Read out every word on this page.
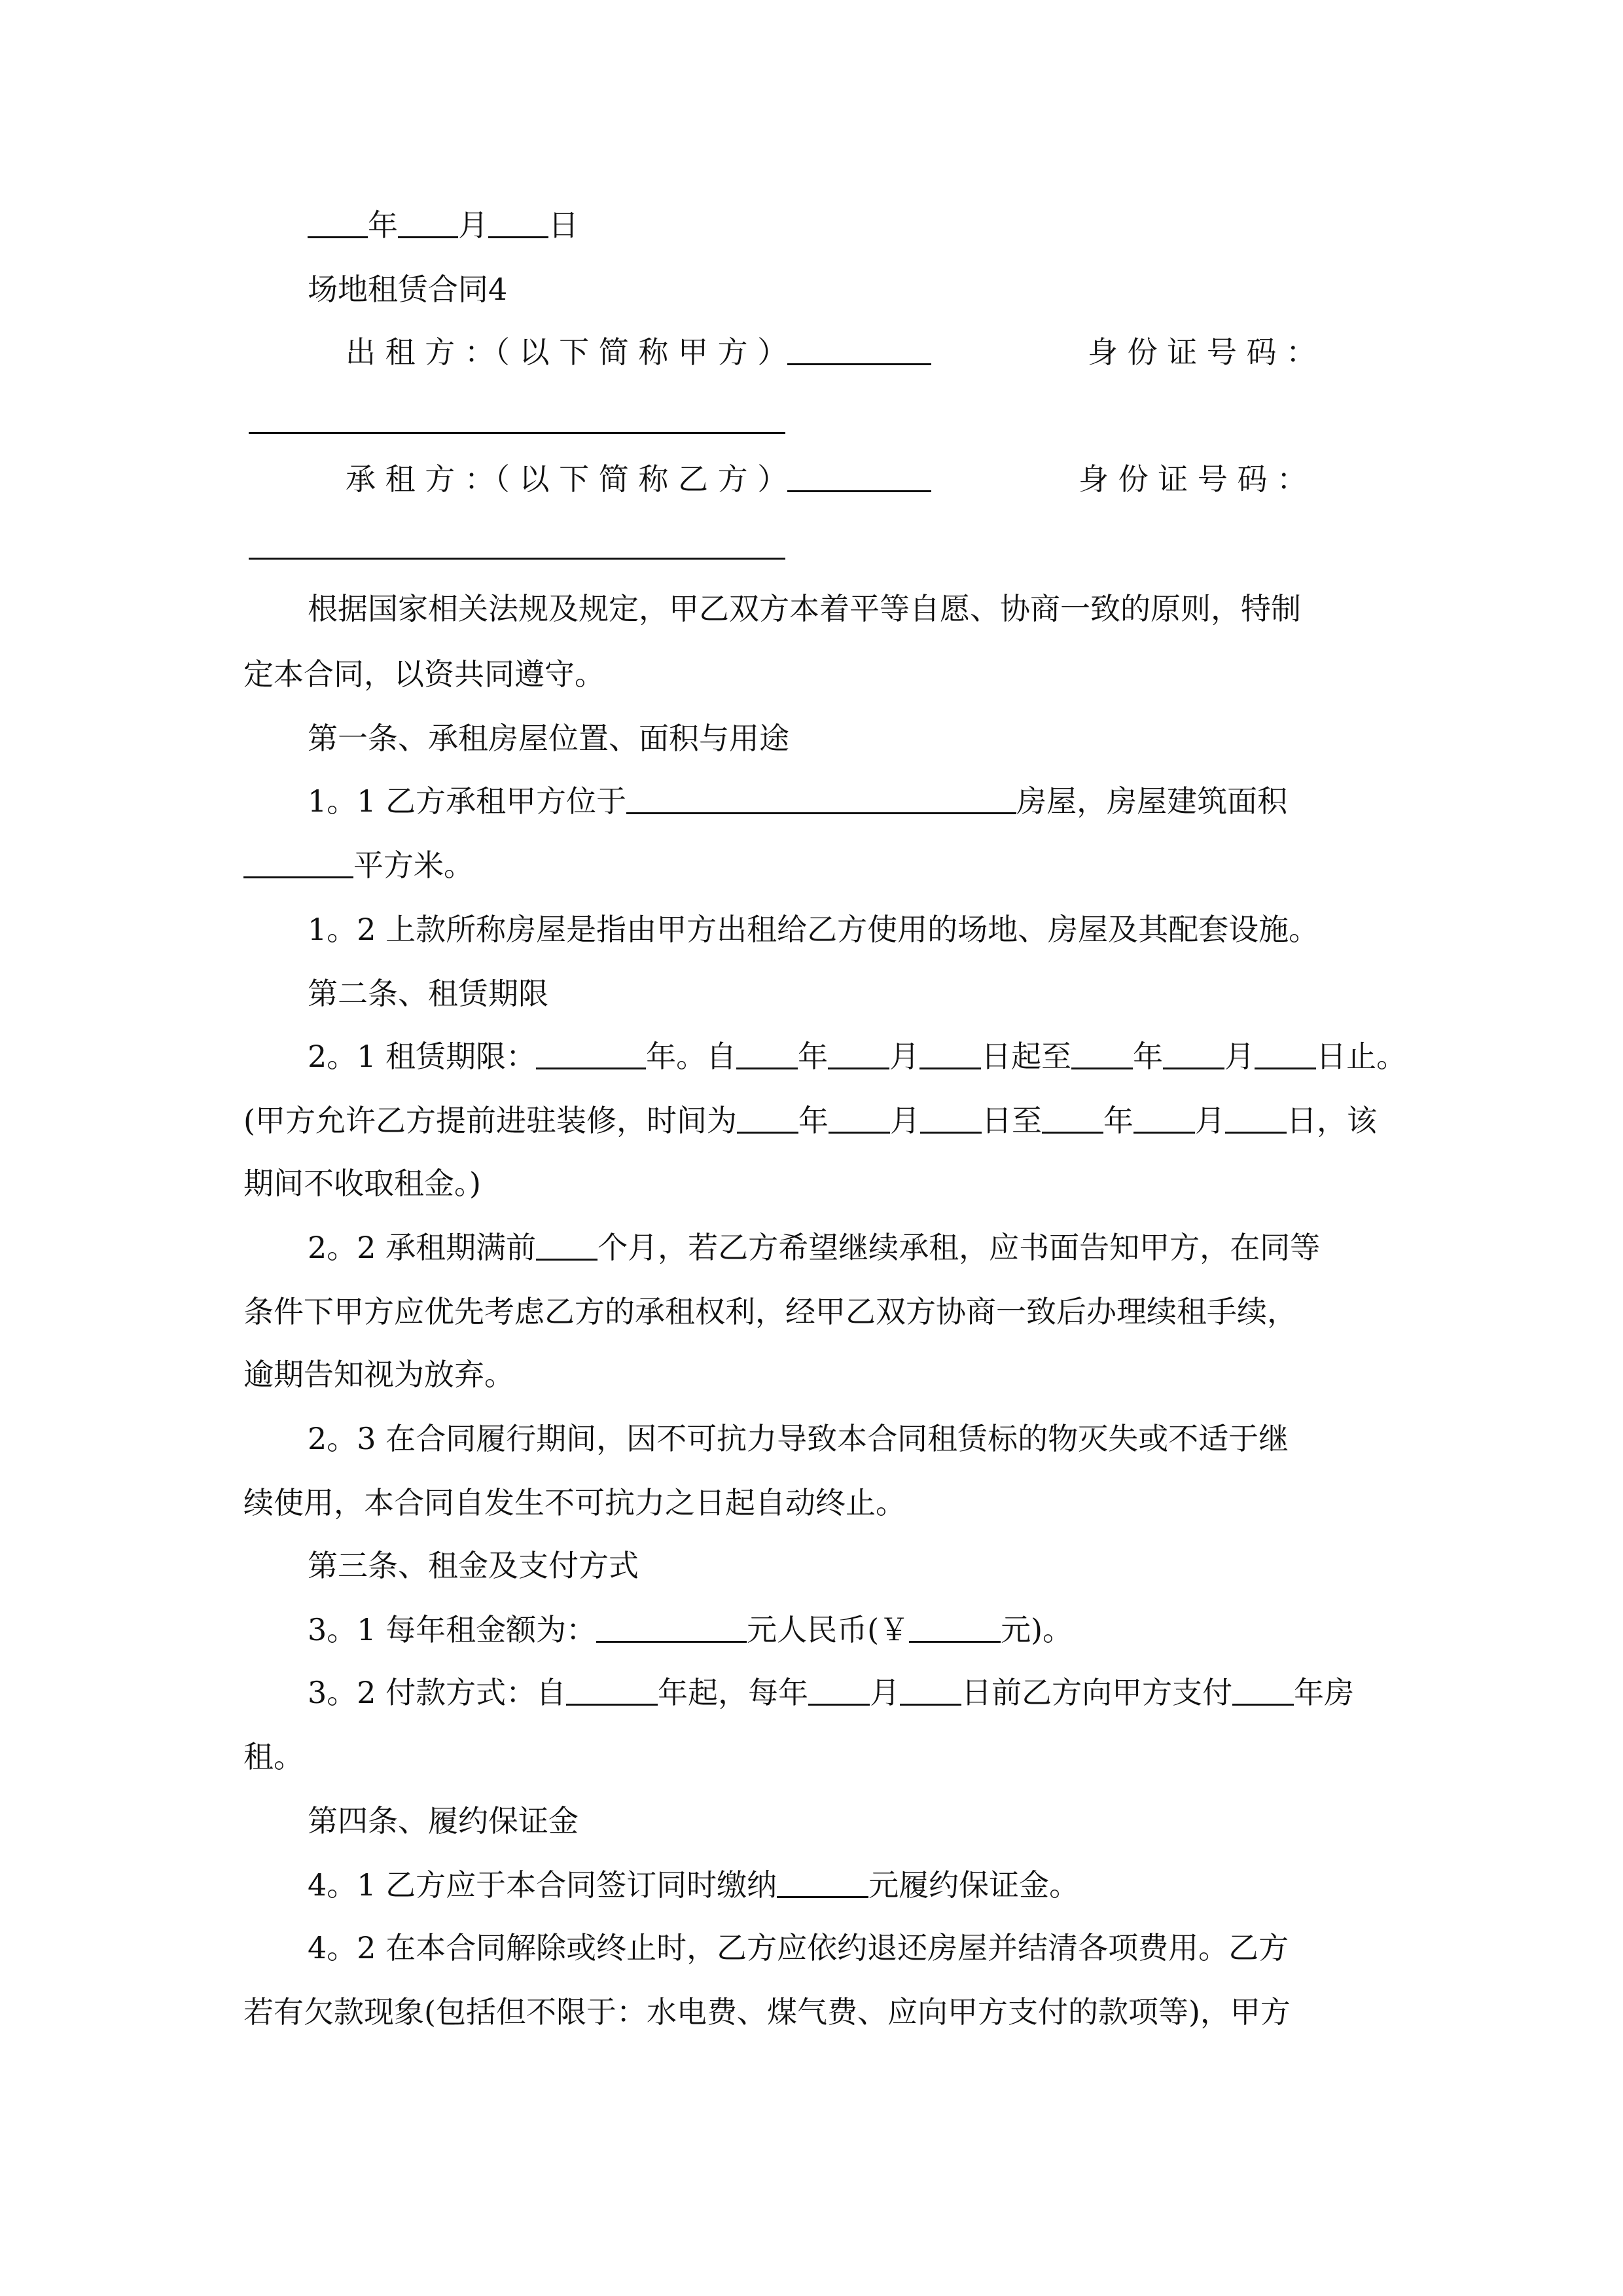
年 月 日
场地租赁合同4
出 租 方 ：（ 以 下 简 称 甲 方 ）	身 份 证 号 码 ：
承 租 方 ：（ 以 下 简 称 乙 方 ）	身 份 证 号 码 ：
根据国家相关法规及规定，甲乙双方本着平等自愿、协商一致的原则，特制
定本合同，以资共同遵守。
第一条、承租房屋位置、面积与用途
1。1 乙方承租甲方位于	房屋，房屋建筑面积
平方米。
1。2 上款所称房屋是指由甲方出租给乙方使用的场地、房屋及其配套设施。
第二条、租赁期限
2。1 租赁期限：	年。自 年 月 日起至 年 月 日止。
(甲方允许乙方提前进驻装修，时间为 年 月 日至 年 月 日，该
期间不收取租金。)
2。2 承租期满前 个月，若乙方希望继续承租，应书面告知甲方，在同等
条件下甲方应优先考虑乙方的承租权利，经甲乙双方协商一致后办理续租手续，
逾期告知视为放弃。
2。3 在合同履行期间，因不可抗力导致本合同租赁标的物灭失或不适于继
续使用，本合同自发生不可抗力之日起自动终止。
第三条、租金及支付方式
3。1 每年租金额为：	元人民币(￥	元)。
3。2 付款方式：自	年起，每年 月 日前乙方向甲方支付 年房
租。
第四条、履约保证金
4。1 乙方应于本合同签订同时缴纳	元履约保证金。
4。2 在本合同解除或终止时，乙方应依约退还房屋并结清各项费用。乙方
若有欠款现象(包括但不限于：水电费、煤气费、应向甲方支付的款项等)，甲方
